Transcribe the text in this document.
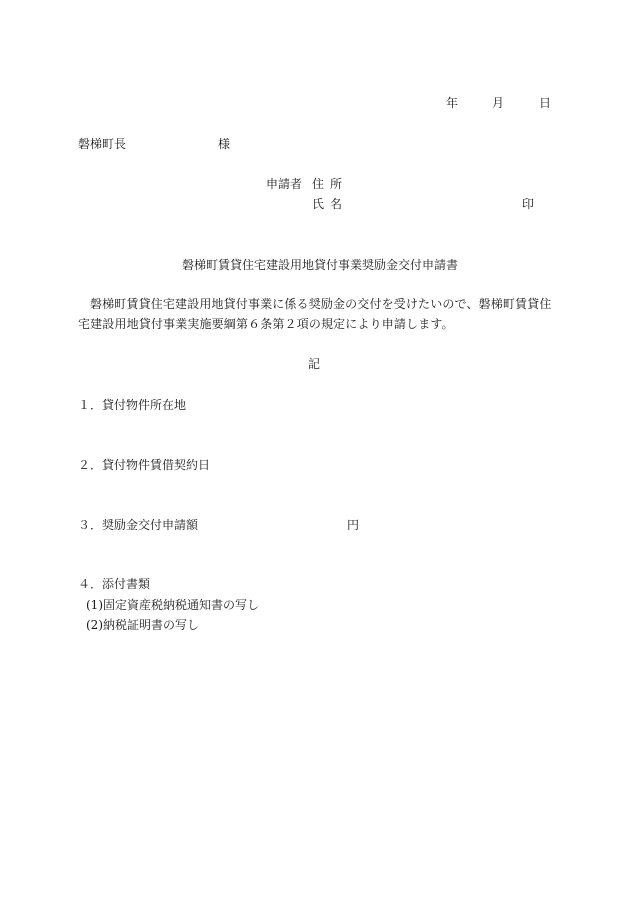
年	月	日
磐梯町長	様
申請者 住所
氏名	印
磐梯町賃貸住宅建設用地貸付事業奨励金交付申請書
磐梯町賃貸住宅建設用地貸付事業に係る奨励金の交付を受けたいので、磐梯町賃貸住宅建設用地貸付事業実施要綱第６条第２項の規定により申請します。
記
１．貸付物件所在地
２．貸付物件賃借契約日
３．奨励金交付申請額	円
４．添付書類
(1)固定資産税納税通知書の写し
(2)納税証明書の写し
